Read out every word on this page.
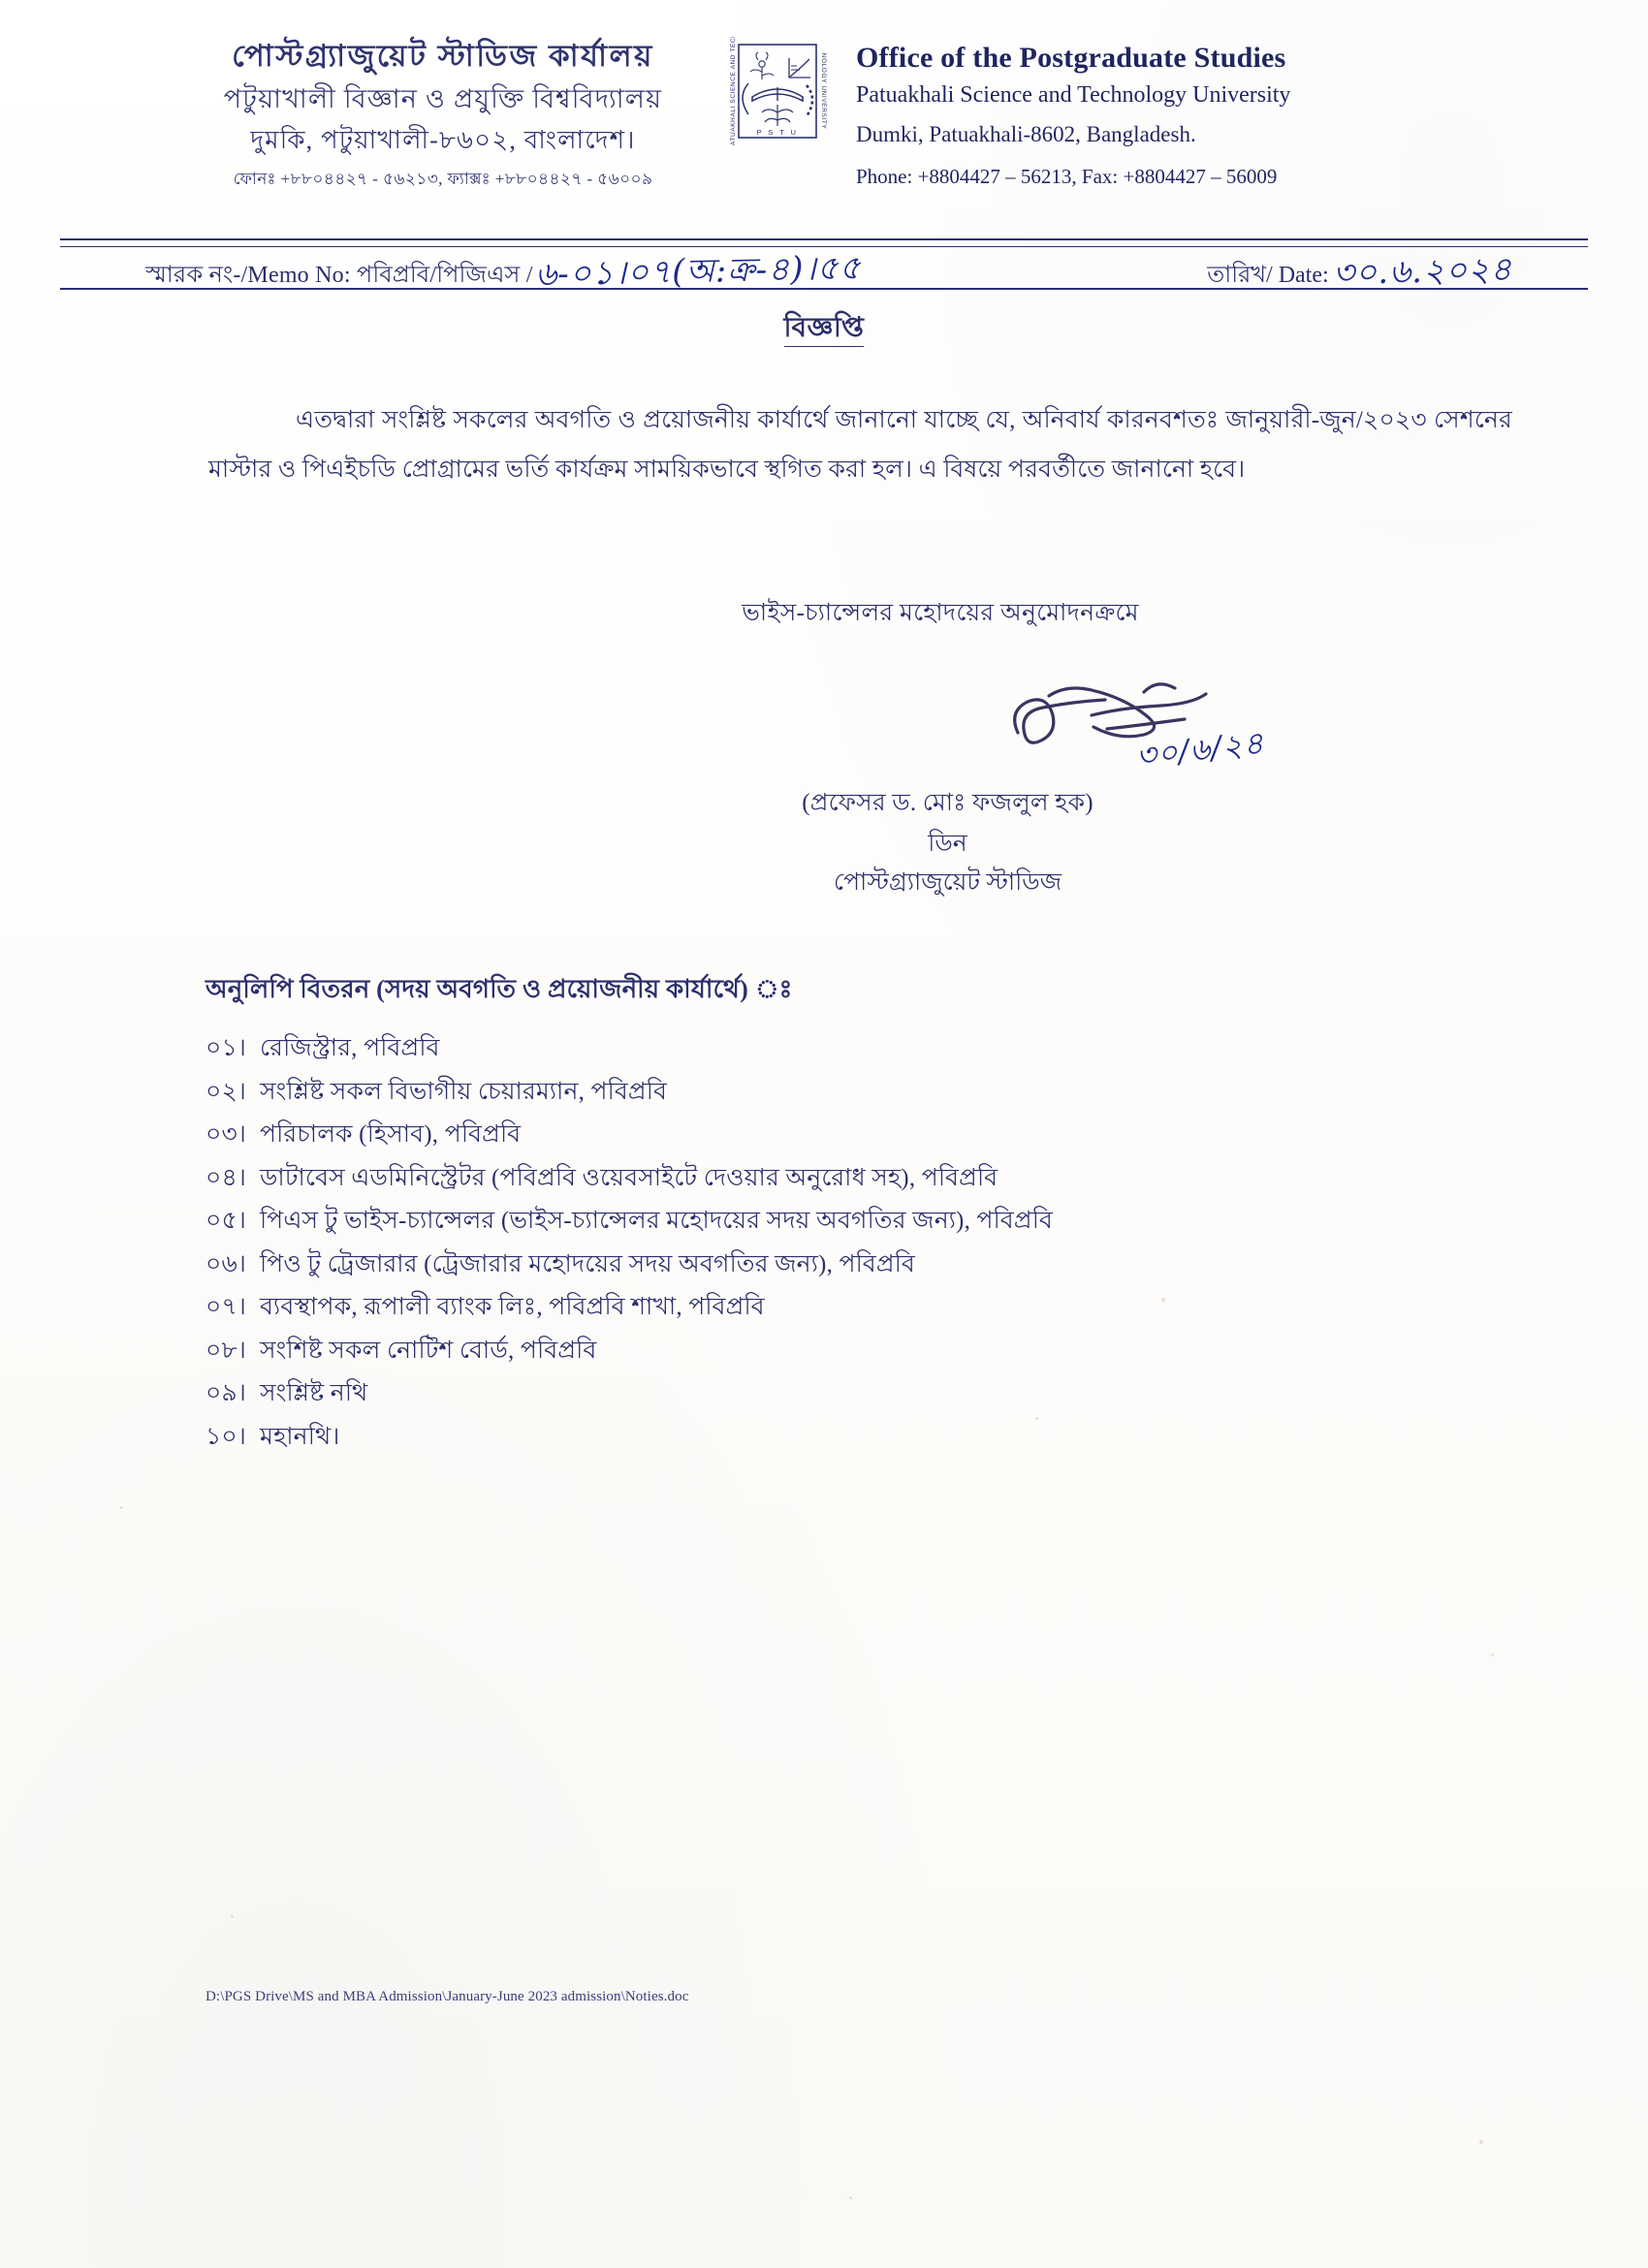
পোস্টগ্র্যাজুয়েট স্টাডিজ কার্যালয়
পটুয়াখালী বিজ্ঞান ও প্রযুক্তি বিশ্ববিদ্যালয়
দুমকি, পটুয়াখালী-৮৬০২, বাংলাদেশ।
ফোনঃ +৮৮০৪৪২৭ - ৫৬২১৩, ফ্যাক্সঃ +৮৮০৪৪২৭ - ৫৬০০৯
P S T U
PATUAKHALI SCIENCE AND TECH	NOLOGY UNIVERSITY Office of the Postgraduate Studies
Patuakhali Science and Technology University
Dumki, Patuakhali-8602, Bangladesh.
Phone: +8804427 – 56213, Fax: +8804427 – 56009
স্মারক নং-/Memo No: পবিপ্রবি/পিজিএস / ৬-০১।০৭(অ:ক্র-৪)।৫৫	তারিখ/ Date: ৩০.৬.২০২৪
বিজ্ঞপ্তি
এতদ্বারা সংশ্লিষ্ট সকলের অবগতি ও প্রয়োজনীয় কার্যার্থে জানানো যাচ্ছে যে, অনিবার্য কারনবশতঃ জানুয়ারী-জুন/২০২৩ সেশনের মাস্টার ও পিএইচডি প্রোগ্রামের ভর্তি কার্যক্রম সাময়িকভাবে স্থগিত করা হল। এ বিষয়ে পরবর্তীতে জানানো হবে।
ভাইস-চ্যান্সেলর মহোদয়ের অনুমোদনক্রমে
৩০/৬/২৪
(প্রফেসর ড. মোঃ ফজলুল হক)
ডিন
পোস্টগ্র্যাজুয়েট স্টাডিজ
অনুলিপি বিতরন (সদয় অবগতি ও প্রয়োজনীয় কার্যার্থে) ঃ
০১। রেজিস্ট্রার, পবিপ্রবি
০২। সংশ্লিষ্ট সকল বিভাগীয় চেয়ারম্যান, পবিপ্রবি
০৩। পরিচালক (হিসাব), পবিপ্রবি
০৪। ডাটাবেস এডমিনিস্ট্রেটর (পবিপ্রবি ওয়েবসাইটে দেওয়ার অনুরোধ সহ), পবিপ্রবি
০৫। পিএস টু ভাইস-চ্যান্সেলর (ভাইস-চ্যান্সেলর মহোদয়ের সদয় অবগতির জন্য), পবিপ্রবি
০৬। পিও টু ট্রেজারার (ট্রেজারার মহোদয়ের সদয় অবগতির জন্য), পবিপ্রবি
০৭। ব্যবস্থাপক, রূপালী ব্যাংক লিঃ, পবিপ্রবি শাখা, পবিপ্রবি
০৮। সংশিষ্ট সকল নোটিশ বোর্ড, পবিপ্রবি
০৯। সংশ্লিষ্ট নথি
১০। মহানথি।
D:\PGS Drive\MS and MBA Admission\January-June 2023 admission\Noties.doc
